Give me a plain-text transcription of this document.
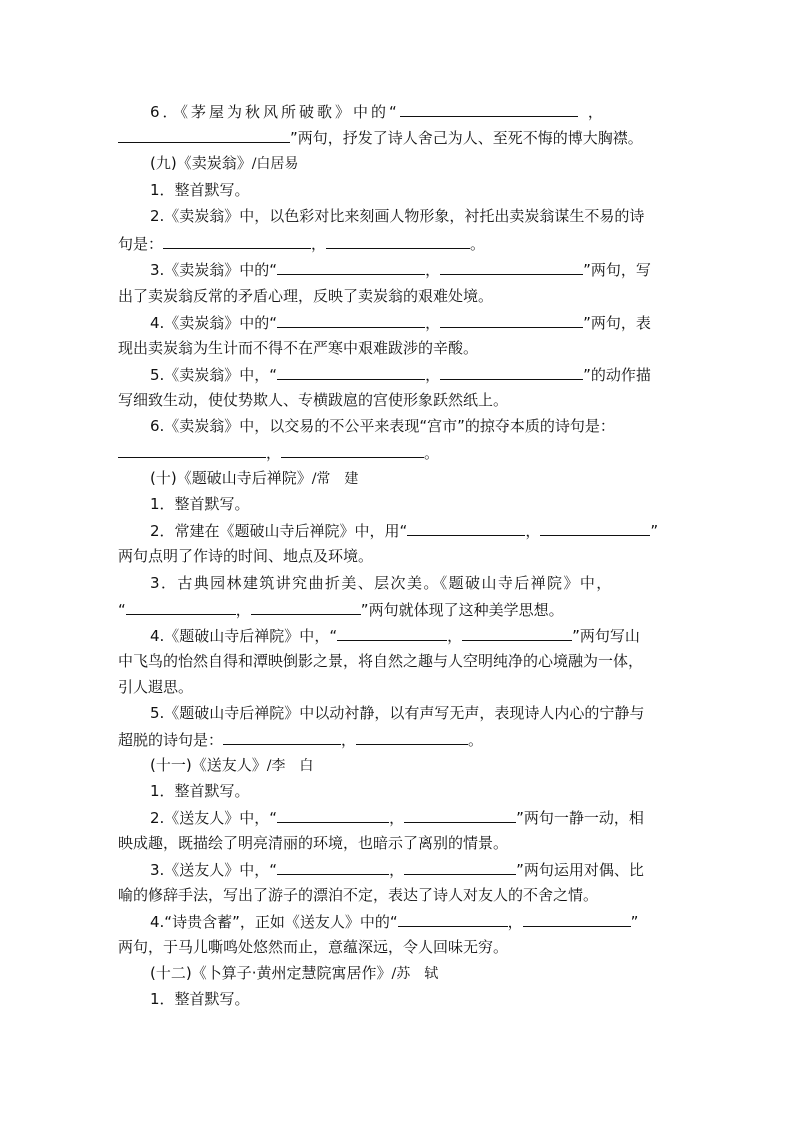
6．《茅屋为秋风所破歌》中的“	，
”两句，抒发了诗人舍己为人、至死不悔的博大胸襟。
(九)《卖炭翁》/白居易
1．整首默写。
2.《卖炭翁》中，以色彩对比来刻画人物形象，衬托出卖炭翁谋生不易的诗
句是：	，	。
3.《卖炭翁》中的“	，	”两句，写
出了卖炭翁反常的矛盾心理，反映了卖炭翁的艰难处境。
4.《卖炭翁》中的“	，	”两句，表
现出卖炭翁为生计而不得不在严寒中艰难跋涉的辛酸。
5.《卖炭翁》中，“	，	”的动作描
写细致生动，使仗势欺人、专横跋扈的宫使形象跃然纸上。
6.《卖炭翁》中，以交易的不公平来表现“宫市”的掠夺本质的诗句是：
，	。
(十)《题破山寺后禅院》/常　建
1．整首默写。
2．常建在《题破山寺后禅院》中，用“	，	”
两句点明了作诗的时间、地点及环境。
3．古典园林建筑讲究曲折美、层次美。《题破山寺后禅院》中，
“	，	”两句就体现了这种美学思想。
4.《题破山寺后禅院》中，“	，	”两句写山
中飞鸟的怡然自得和潭映倒影之景，将自然之趣与人空明纯净的心境融为一体，
引人遐思。
5.《题破山寺后禅院》中以动衬静，以有声写无声，表现诗人内心的宁静与
超脱的诗句是：	，	。
(十一)《送友人》/李　白
1．整首默写。
2.《送友人》中，“	，	”两句一静一动，相
映成趣，既描绘了明亮清丽的环境，也暗示了离别的情景。
3.《送友人》中，“	，	”两句运用对偶、比
喻的修辞手法，写出了游子的漂泊不定，表达了诗人对友人的不舍之情。
4.“诗贵含蓄”，正如《送友人》中的“	，	”
两句，于马儿嘶鸣处悠然而止，意蕴深远，令人回味无穷。
(十二)《卜算子·黄州定慧院寓居作》/苏　轼
1．整首默写。
